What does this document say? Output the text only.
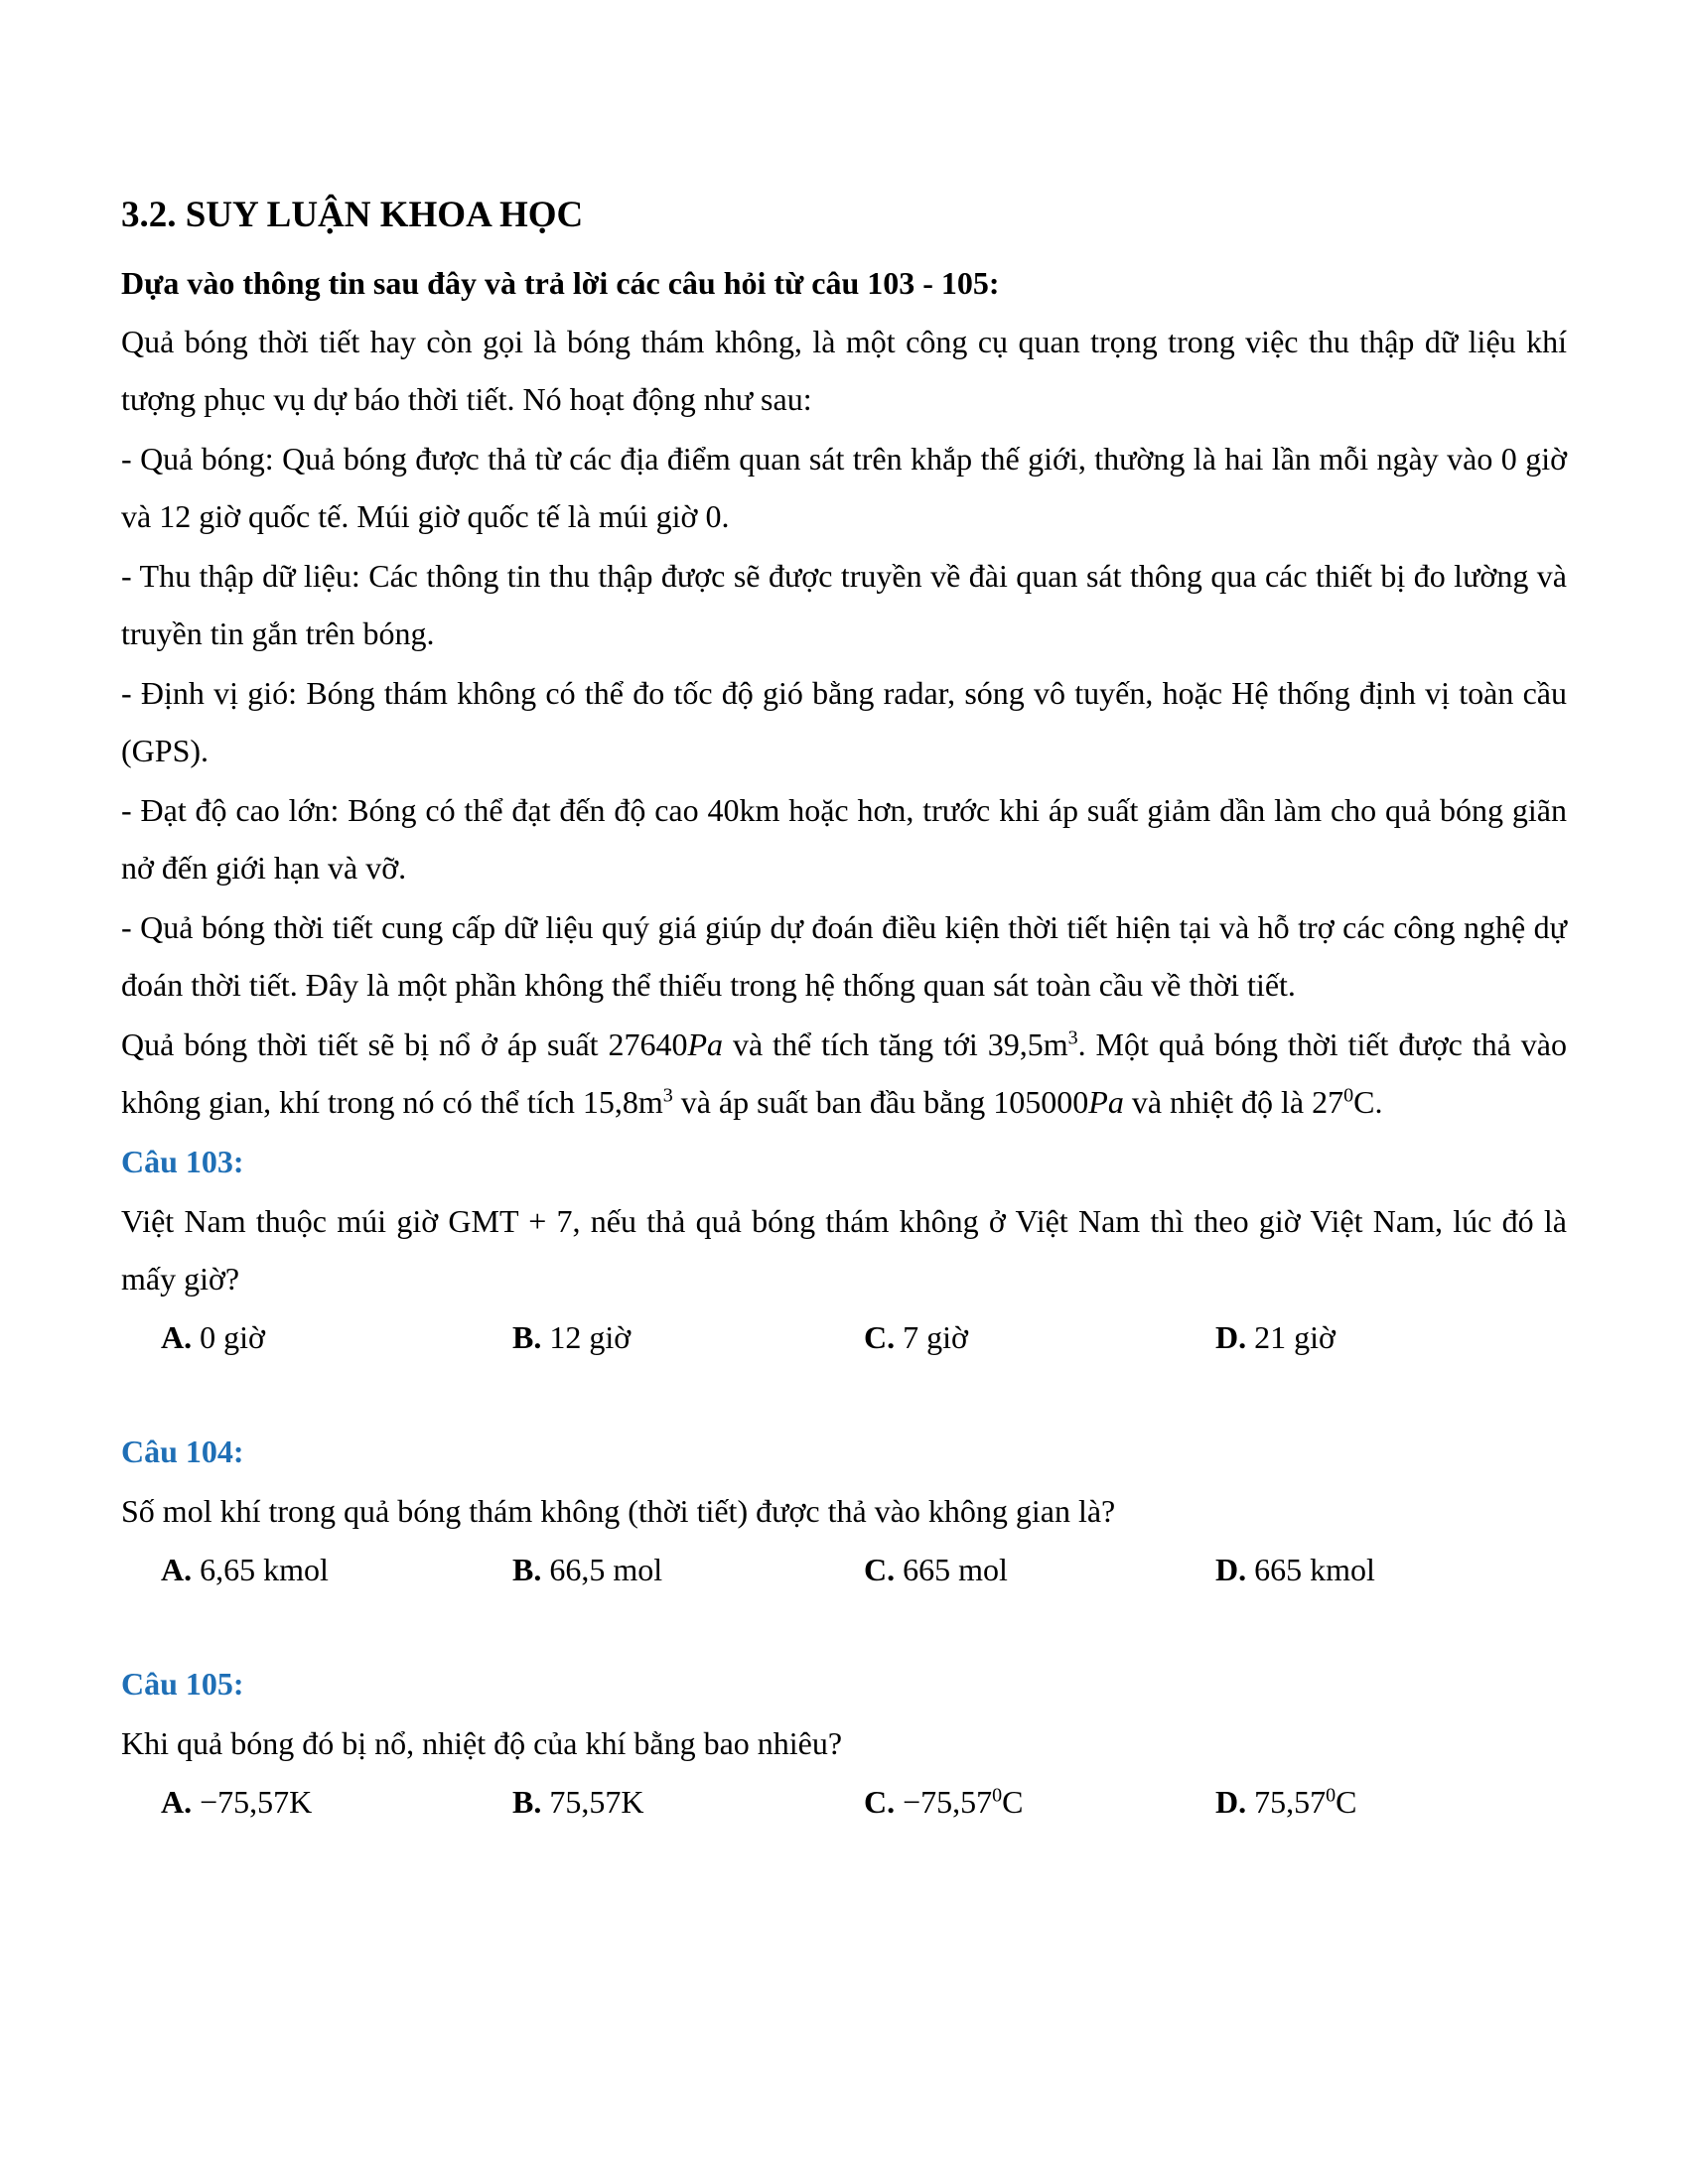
3.2. SUY LUẬN KHOA HỌC
Dựa vào thông tin sau đây và trả lời các câu hỏi từ câu 103 - 105:

Quả bóng thời tiết hay còn gọi là bóng thám không, là một công cụ quan trọng trong việc thu thập dữ liệu khí tượng phục vụ dự báo thời tiết. Nó hoạt động như sau:

- Quả bóng: Quả bóng được thả từ các địa điểm quan sát trên khắp thế giới, thường là hai lần mỗi ngày vào 0 giờ và 12 giờ quốc tế. Múi giờ quốc tế là múi giờ 0.

- Thu thập dữ liệu: Các thông tin thu thập được sẽ được truyền về đài quan sát thông qua các thiết bị đo lường và truyền tin gắn trên bóng.

- Định vị gió: Bóng thám không có thể đo tốc độ gió bằng radar, sóng vô tuyến, hoặc Hệ thống định vị toàn cầu (GPS).

- Đạt độ cao lớn: Bóng có thể đạt đến độ cao 40km hoặc hơn, trước khi áp suất giảm dần làm cho quả bóng giãn nở đến giới hạn và vỡ.

- Quả bóng thời tiết cung cấp dữ liệu quý giá giúp dự đoán điều kiện thời tiết hiện tại và hỗ trợ các công nghệ dự đoán thời tiết. Đây là một phần không thể thiếu trong hệ thống quan sát toàn cầu về thời tiết.

Quả bóng thời tiết sẽ bị nổ ở áp suất 27640Pa và thể tích tăng tới $39,5m^3$. Một quả bóng thời tiết được thả vào không gian, khí trong nó có thể tích $15,8m^3$ và áp suất ban đầu bằng 105000Pa và nhiệt độ là $27^0C$.

Câu 103:

Việt Nam thuộc múi giờ GMT + 7, nếu thả quả bóng thám không ở Việt Nam thì theo giờ Việt Nam, lúc đó là mấy giờ?

A. 0 giờ	B. 12 giờ	C. 7 giờ	D. 21 giờ
Câu 104:

Số mol khí trong quả bóng thám không (thời tiết) được thả vào không gian là?

A. 6,65 kmol	B. 66,5 mol	C. 665 mol	D. 665 kmol
Câu 105:

Khi quả bóng đó bị nổ, nhiệt độ của khí bằng bao nhiêu?

A. −75,57K	B. 75,57K	C. $-75,57^0C$	D. 75,57$^0$C
